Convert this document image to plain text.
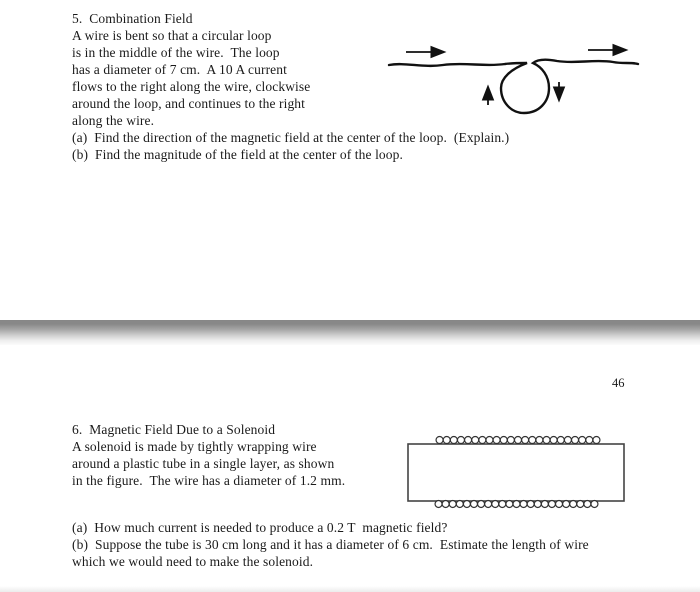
5.  Combination Field
A wire is bent so that a circular loop
is in the middle of the wire.  The loop
has a diameter of 7 cm.  A 10 A current
flows to the right along the wire, clockwise
around the loop, and continues to the right
along the wire.
(a)  Find the direction of the magnetic field at the center of the loop.  (Explain.)
(b)  Find the magnitude of the field at the center of the loop.
46
6.  Magnetic Field Due to a Solenoid
A solenoid is made by tightly wrapping wire
around a plastic tube in a single layer, as shown
in the figure.  The wire has a diameter of 1.2 mm.
(a)  How much current is needed to produce a 0.2 T  magnetic field?
(b)  Suppose the tube is 30 cm long and it has a diameter of 6 cm.  Estimate the length of wire
which we would need to make the solenoid.
